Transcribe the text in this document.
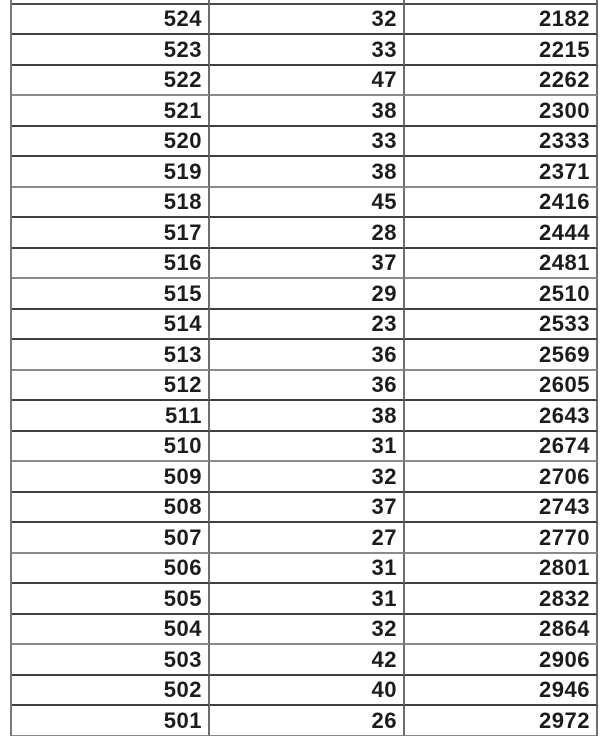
524	32	2182
523	33	2215
522	47	2262
521	38	2300
520	33	2333
519	38	2371
518	45	2416
517	28	2444
516	37	2481
515	29	2510
514	23	2533
513	36	2569
512	36	2605
511	38	2643
510	31	2674
509	32	2706
508	37	2743
507	27	2770
506	31	2801
505	31	2832
504	32	2864
503	42	2906
502	40	2946
501	26	2972
